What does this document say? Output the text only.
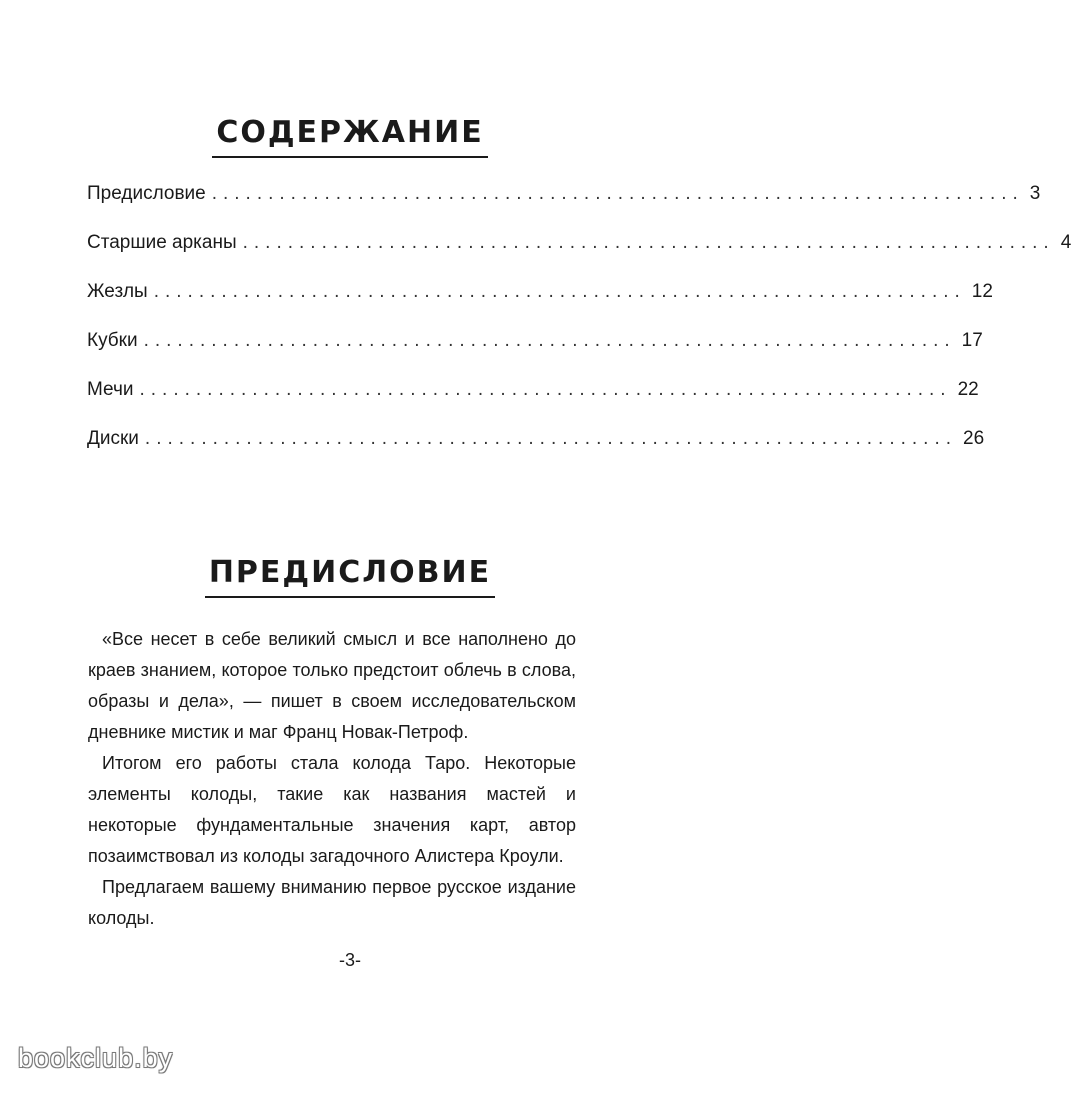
СОДЕРЖАНИЕ
Предисловие ........................................................................ 3
Старшие арканы ........................................................................ 4
Жезлы ........................................................................ 12
Кубки ........................................................................ 17
Мечи ........................................................................ 22
Диски ........................................................................ 26
ПРЕДИСЛОВИЕ

«Все несет в себе великий смысл и все наполнено до краев знанием, которое только предстоит облечь в слова, образы и дела», — пишет в своем исследовательском дневнике мистик и маг Франц Новак-Петроф.

Итогом его работы стала колода Таро. Некоторые элементы колоды, такие как названия мастей и некоторые фундаментальные значения карт, автор позаимствовал из колоды загадочного Алистера Кроули.

Предлагаем вашему вниманию первое русское издание колоды.

-3-
bookclub.by
